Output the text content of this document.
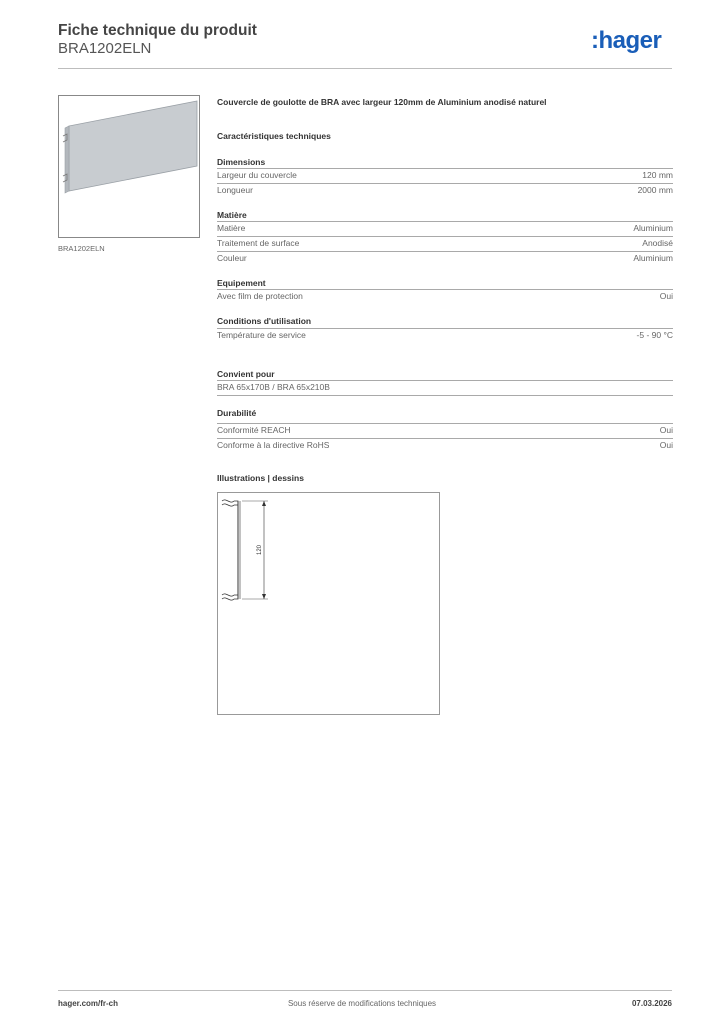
Fiche technique du produit
BRA1202ELN	:hager
BRA1202ELN
Couvercle de goulotte de BRA avec largeur 120mm de Aluminium anodisé naturel
Caractéristiques techniques
Dimensions
Largeur du couvercle	120 mm
Longueur	2000 mm
Matière
Matière	Aluminium
Traitement de surface	Anodisé
Couleur	Aluminium
Equipement
Avec film de protection	Oui
Conditions d'utilisation
Température de service	-5 - 90 °C
Convient pour
BRA 65x170B / BRA 65x210B
Durabilité
Conformité REACH	Oui
Conforme à la directive RoHS	Oui
Illustrations | dessins
120
hager.com/fr-ch	Sous réserve de modifications techniques	07.03.2026
